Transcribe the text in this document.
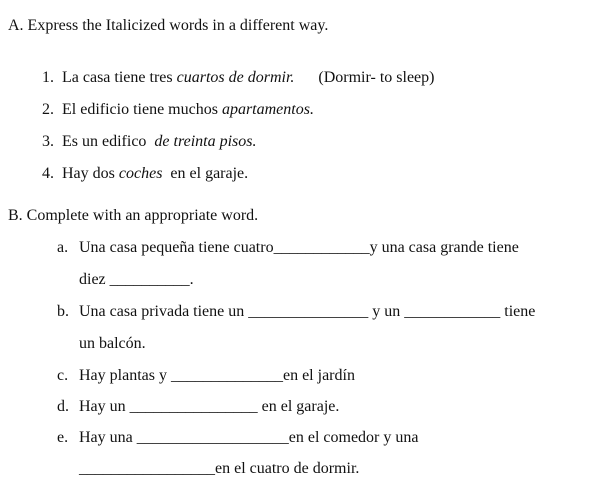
A. Express the Italicized words in a different way.

1. La casa tiene tres cuartos de dormir.      (Dormir- to sleep)

2. El edificio tiene muchos apartamentos.

3. Es un edifico  de treinta pisos.

4. Hay dos coches  en el garaje.

B. Complete with an appropriate word.
a. Una casa pequeña tiene cuatro____________y una casa grande tiene
diez __________.
b. Una casa privada tiene un _______________ y un ____________ tiene
un balcón.
c. Hay plantas y ______________en el jardín
d. Hay un ________________ en el garaje.
e. Hay una ___________________en el comedor y una
_________________en el cuatro de dormir.
